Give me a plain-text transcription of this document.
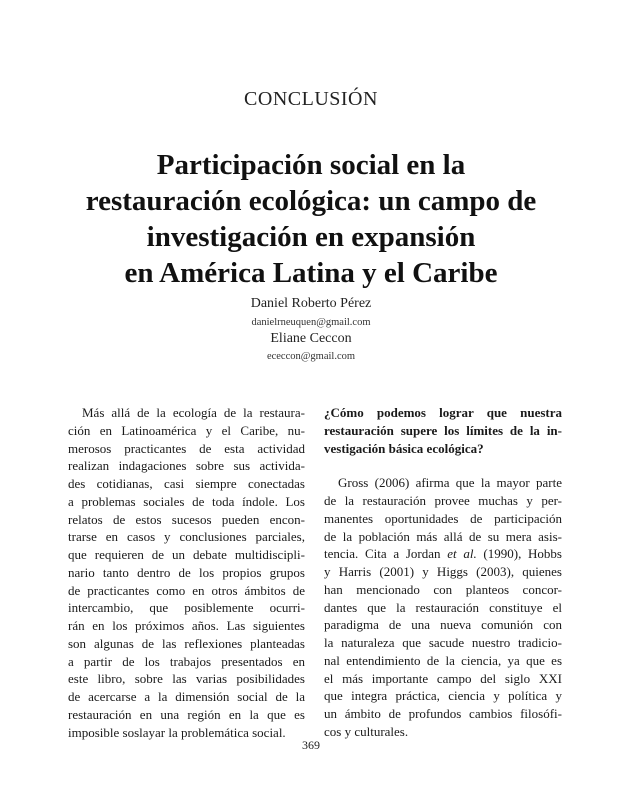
CONCLUSIÓN
Participación social en la
restauración ecológica: un campo de
investigación en expansión
en América Latina y el Caribe
Daniel Roberto Pérez
danielrneuquen@gmail.com
Eliane Ceccon
ececcon@gmail.com
Más allá de la ecología de la restaura-
ción en Latinoamérica y el Caribe, nu-
merosos practicantes de esta actividad
realizan indagaciones sobre sus activida-
des cotidianas, casi siempre conectadas
a problemas sociales de toda índole. Los
relatos de estos sucesos pueden encon-
trarse en casos y conclusiones parciales,
que requieren de un debate multidiscipli-
nario tanto dentro de los propios grupos
de practicantes como en otros ámbitos de
intercambio, que posiblemente ocurri-
rán en los próximos años. Las siguientes
son algunas de las reflexiones planteadas
a partir de los trabajos presentados en
este libro, sobre las varias posibilidades
de acercarse a la dimensión social de la
restauración en una región en la que es
imposible soslayar la problemática social.
¿Cómo podemos lograr que nuestra
restauración supere los límites de la in-
vestigación básica ecológica?
Gross (2006) afirma que la mayor parte
de la restauración provee muchas y per-
manentes oportunidades de participación
de la población más allá de su mera asis-
tencia. Cita a Jordan et al. (1990), Hobbs
y Harris (2001) y Higgs (2003), quienes
han mencionado con planteos concor-
dantes que la restauración constituye el
paradigma de una nueva comunión con
la naturaleza que sacude nuestro tradicio-
nal entendimiento de la ciencia, ya que es
el más importante campo del siglo XXI
que integra práctica, ciencia y política y
un ámbito de profundos cambios filosófi-
cos y culturales.
369
